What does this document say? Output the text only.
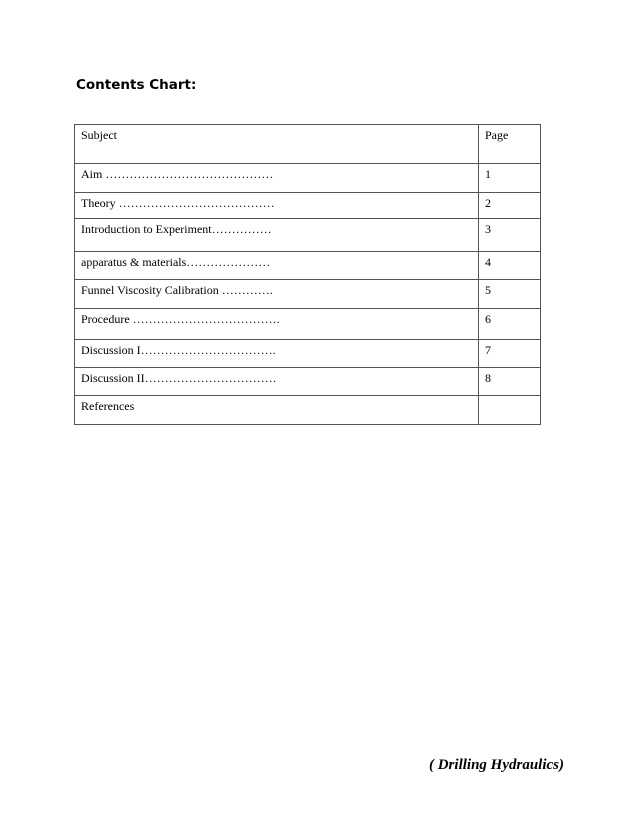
Contents Chart:
Subject	Page
Aim ……………………………………	1
Theory …………………………………	2
Introduction to Experiment……………	3
apparatus & materials…………………	4
Funnel Viscosity Calibration ………….	5
Procedure ……………………………….	6
Discussion I…………………………….	7
Discussion II……………………………	8
References	
( Drilling Hydraulics)
